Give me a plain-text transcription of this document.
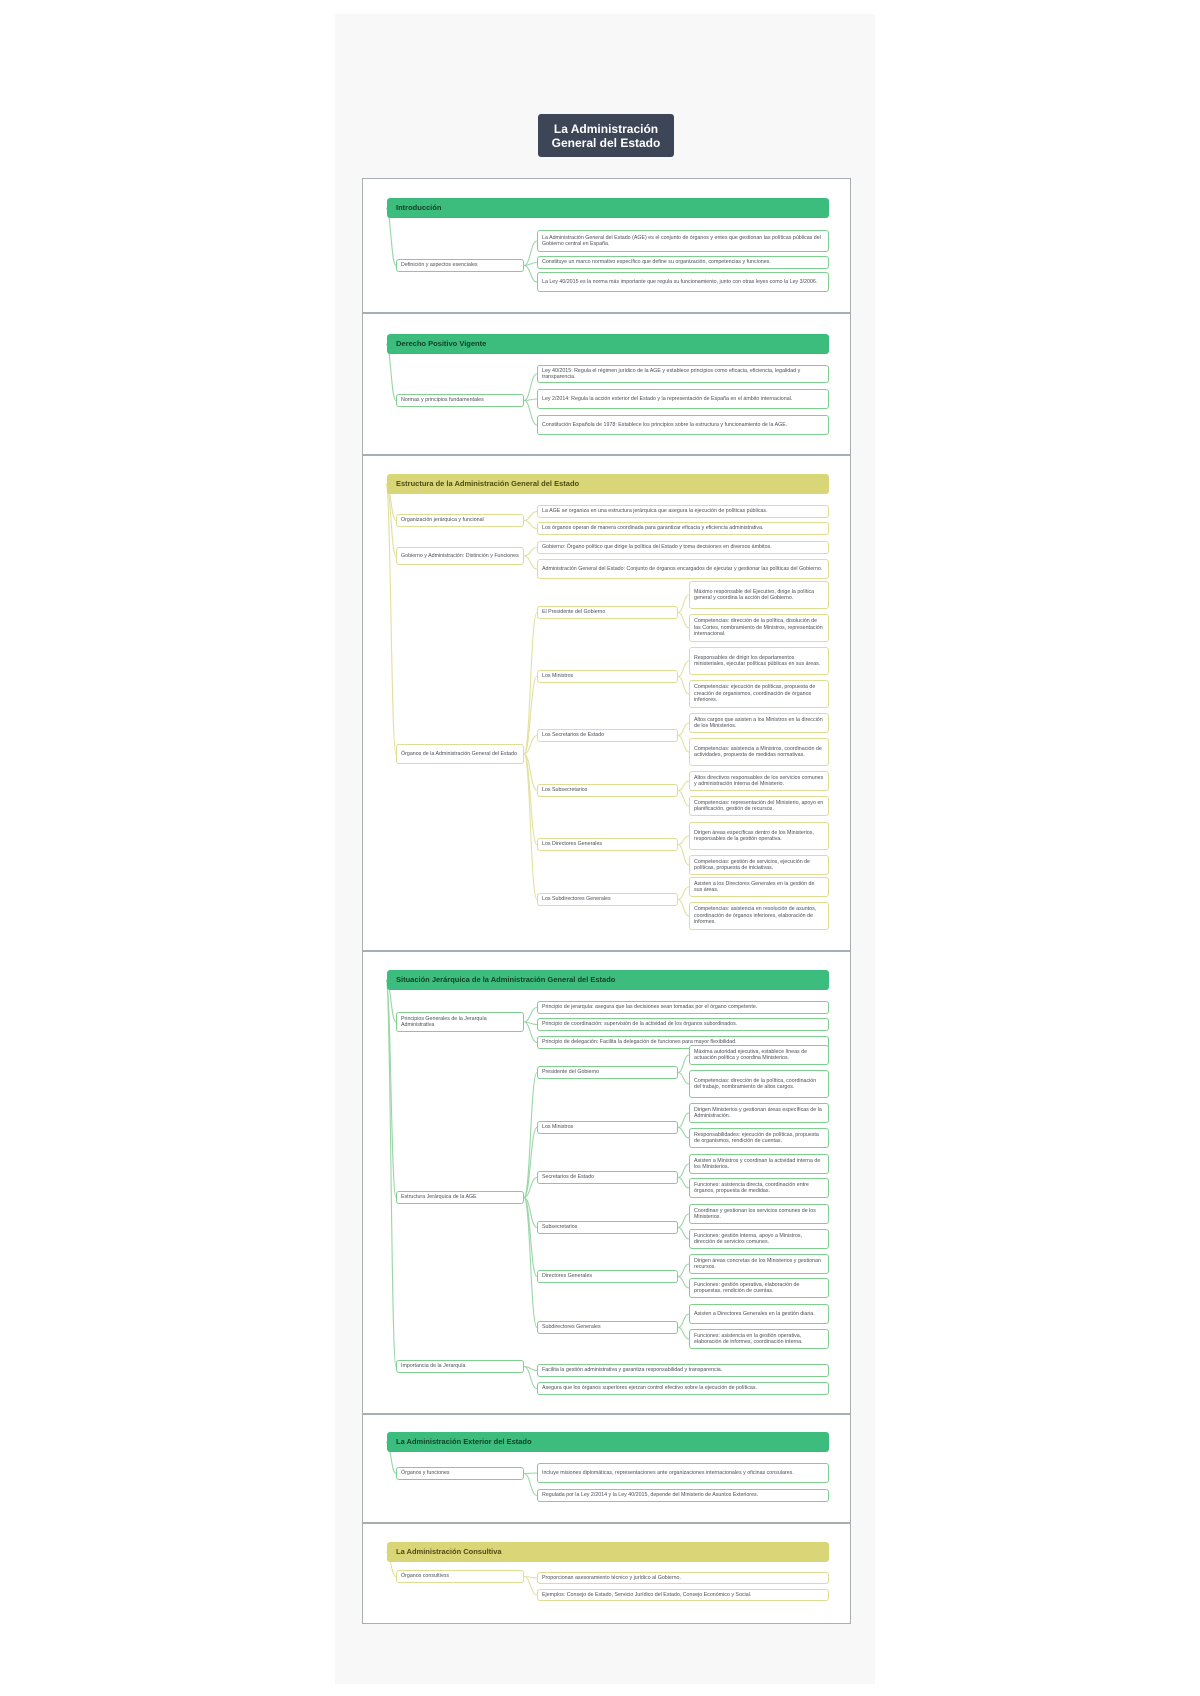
La Administración General del Estado
Introducción
Definición y aspectos esenciales
La Administración General del Estado (AGE) es el conjunto de órganos y entes que gestionan las políticas públicas del Gobierno central en España.
Constituye un marco normativo específico que define su organización, competencias y funciones.
La Ley 40/2015 es la norma más importante que regula su funcionamiento, junto con otras leyes como la Ley 3/2006.
Derecho Positivo Vigente
Normas y principios fundamentales
Ley 40/2015: Regula el régimen jurídico de la AGE y establece principios como eficacia, eficiencia, legalidad y transparencia.
Ley 2/2014: Regula la acción exterior del Estado y la representación de España en el ámbito internacional.
Constitución Española de 1978: Establece los principios sobre la estructura y funcionamiento de la AGE.
Estructura de la Administración General del Estado
Organización jerárquica y funcional
La AGE se organiza en una estructura jerárquica que asegura la ejecución de políticas públicas.
Los órganos operan de manera coordinada para garantizar eficacia y eficiencia administrativa.
Gobierno y Administración: Distinción y Funciones
Gobierno: Órgano político que dirige la política del Estado y toma decisiones en diversos ámbitos.
Administración General del Estado: Conjunto de órganos encargados de ejecutar y gestionar las políticas del Gobierno.
Órganos de la Administración General del Estado
El Presidente del Gobierno
Máximo responsable del Ejecutivo, dirige la política general y coordina la acción del Gobierno.
Competencias: dirección de la política, disolución de las Cortes, nombramiento de Ministros, representación internacional.
Los Ministros
Responsables de dirigir los departamentos ministeriales, ejecutar políticas públicas en sus áreas.
Competencias: ejecución de políticas, propuesta de creación de organismos, coordinación de órganos inferiores.
Los Secretarios de Estado
Altos cargos que asisten a los Ministros en la dirección de los Ministerios.
Competencias: asistencia a Ministros, coordinación de actividades, propuesta de medidas normativas.
Los Subsecretarios
Altos directivos responsables de los servicios comunes y administración interna del Ministerio.
Competencias: representación del Ministerio, apoyo en planificación, gestión de recursos.
Los Directores Generales
Dirigen áreas específicas dentro de los Ministerios, responsables de la gestión operativa.
Competencias: gestión de servicios, ejecución de políticas, propuesta de iniciativas.
Los Subdirectores Generales
Asisten a los Directores Generales en la gestión de sus áreas.
Competencias: asistencia en resolución de asuntos, coordinación de órganos inferiores, elaboración de informes.
Situación Jerárquica de la Administración General del Estado
Principios Generales de la Jerarquía Administrativa
Principio de jerarquía: asegura que las decisiones sean tomadas por el órgano competente.
Principio de coordinación: supervisión de la actividad de los órganos subordinados.
Principio de delegación: Facilita la delegación de funciones para mayor flexibilidad.
Estructura Jerárquica de la AGE
Presidente del Gobierno
Máxima autoridad ejecutiva, establece líneas de actuación política y coordina Ministerios.
Competencias: dirección de la política, coordinación del trabajo, nombramiento de altos cargos.
Los Ministros
Dirigen Ministerios y gestionan áreas específicas de la Administración.
Responsabilidades: ejecución de políticas, propuesta de organismos, rendición de cuentas.
Secretarios de Estado
Asisten a Ministros y coordinan la actividad interna de los Ministerios.
Funciones: asistencia directa, coordinación entre órganos, propuesta de medidas.
Subsecretarios
Coordinan y gestionan los servicios comunes de los Ministerios.
Funciones: gestión interna, apoyo a Ministros, dirección de servicios comunes.
Directores Generales
Dirigen áreas concretas de los Ministerios y gestionan recursos.
Funciones: gestión operativa, elaboración de propuestas, rendición de cuentas.
Subdirectores Generales
Asisten a Directores Generales en la gestión diaria.
Funciones: asistencia en la gestión operativa, elaboración de informes, coordinación interna.
Importancia de la Jerarquía
Facilita la gestión administrativa y garantiza responsabilidad y transparencia.
Asegura que los órganos superiores ejerzan control efectivo sobre la ejecución de políticas.
La Administración Exterior del Estado
Órganos y funciones	Incluye misiones diplomáticas, representaciones ante organizaciones internacionales y oficinas consulares.
Regulada por la Ley 2/2014 y la Ley 40/2015, depende del Ministerio de Asuntos Exteriores.
La Administración Consultiva
Órganos consultivos	Proporcionan asesoramiento técnico y jurídico al Gobierno.
Ejemplos: Consejo de Estado, Servicio Jurídico del Estado, Consejo Económico y Social.
